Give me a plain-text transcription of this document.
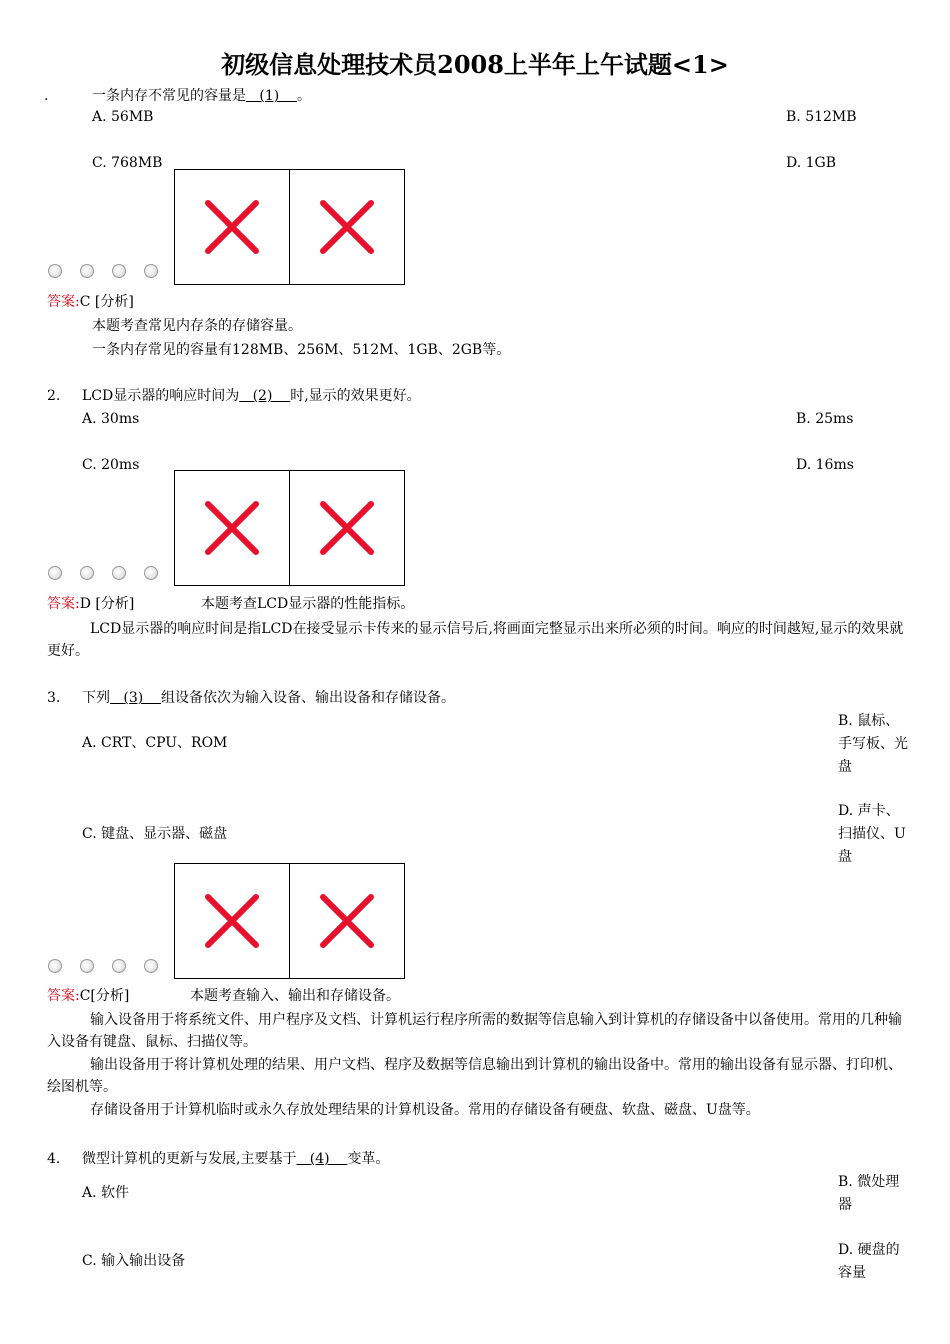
初级信息处理技术员2008上半年上午试题<1>
.	一条内存不常见的容量是   (1)    。
A. 56MB	B. 512MB
C. 768MB	D. 1GB
答案:C [分析]
本题考查常见内存条的存储容量。
一条内存常见的容量有128MB、256M、512M、1GB、2GB等。
2. LCD显示器的响应时间为   (2)    时,显示的效果更好。
A. 30ms	B. 25ms
C. 20ms	D. 16ms
答案:D [分析]	本题考查LCD显示器的性能指标。
LCD显示器的响应时间是指LCD在接受显示卡传来的显示信号后,将画面完整显示出来所必须的时间。响应的时间越短,显示的效果就更好。
3. 下列   (3)    组设备依次为输入设备、输出设备和存储设备。
A. CRT、CPU、ROM
B. 鼠标、手写板、光盘
C. 键盘、显示器、磁盘
D. 声卡、扫描仪、U盘
答案:C[分析]	本题考查输入、输出和存储设备。
输入设备用于将系统文件、用户程序及文档、计算机运行程序所需的数据等信息输入到计算机的存储设备中以备使用。常用的几种输入设备有键盘、鼠标、扫描仪等。
输出设备用于将计算机处理的结果、用户文档、程序及数据等信息输出到计算机的输出设备中。常用的输出设备有显示器、打印机、绘图机等。
存储设备用于计算机临时或永久存放处理结果的计算机设备。常用的存储设备有硬盘、软盘、磁盘、U盘等。
4. 微型计算机的更新与发展,主要基于   (4)    变革。
A. 软件
B. 微处理器
C. 输入输出设备
D. 硬盘的容量
